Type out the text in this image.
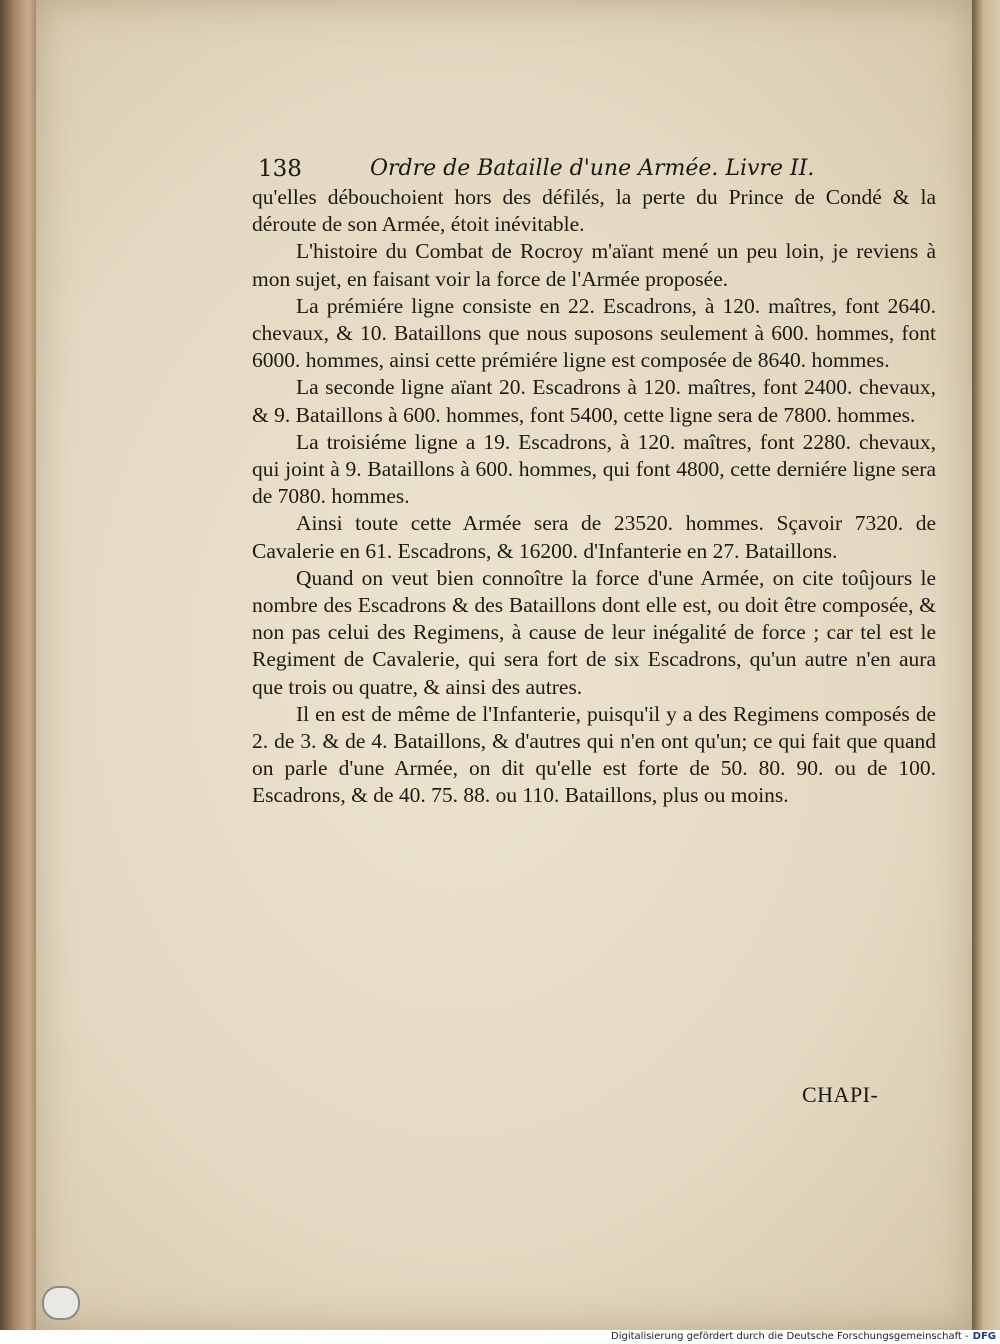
138	Ordre de Bataille d'une Armée. Livre II.

qu'elles débouchoient hors des défilés, la perte du Prince de Condé & la déroute de son Armée, étoit inévitable.

L'histoire du Combat de Rocroy m'aïant mené un peu loin, je reviens à mon sujet, en faisant voir la force de l'Armée proposée.

La prémiére ligne consiste en 22. Escadrons, à 120. maîtres, font 2640. chevaux, & 10. Bataillons que nous suposons seulement à 600. hommes, font 6000. hommes, ainsi cette prémiére ligne est composée de 8640. hommes.

La seconde ligne aïant 20. Escadrons à 120. maîtres, font 2400. chevaux, & 9. Bataillons à 600. hommes, font 5400, cette ligne sera de 7800. hommes.

La troisiéme ligne a 19. Escadrons, à 120. maîtres, font 2280. chevaux, qui joint à 9. Bataillons à 600. hommes, qui font 4800, cette derniére ligne sera de 7080. hommes.

Ainsi toute cette Armée sera de 23520. hommes. Sçavoir 7320. de Cavalerie en 61. Escadrons, & 16200. d'Infanterie en 27. Bataillons.

Quand on veut bien connoître la force d'une Armée, on cite toûjours le nombre des Escadrons & des Bataillons dont elle est, ou doit être composée, & non pas celui des Regimens, à cause de leur inégalité de force ; car tel est le Regiment de Cavalerie, qui sera fort de six Escadrons, qu'un autre n'en aura que trois ou quatre, & ainsi des autres.

Il en est de même de l'Infanterie, puisqu'il y a des Regimens composés de 2. de 3. & de 4. Bataillons, & d'autres qui n'en ont qu'un; ce qui fait que quand on parle d'une Armée, on dit qu'elle est forte de 50. 80. 90. ou de 100. Escadrons, & de 40. 75. 88. ou 110. Bataillons, plus ou moins.

CHAPI-
Digitalisierung gefördert durch die Deutsche Forschungsgemeinschaft - DFG
